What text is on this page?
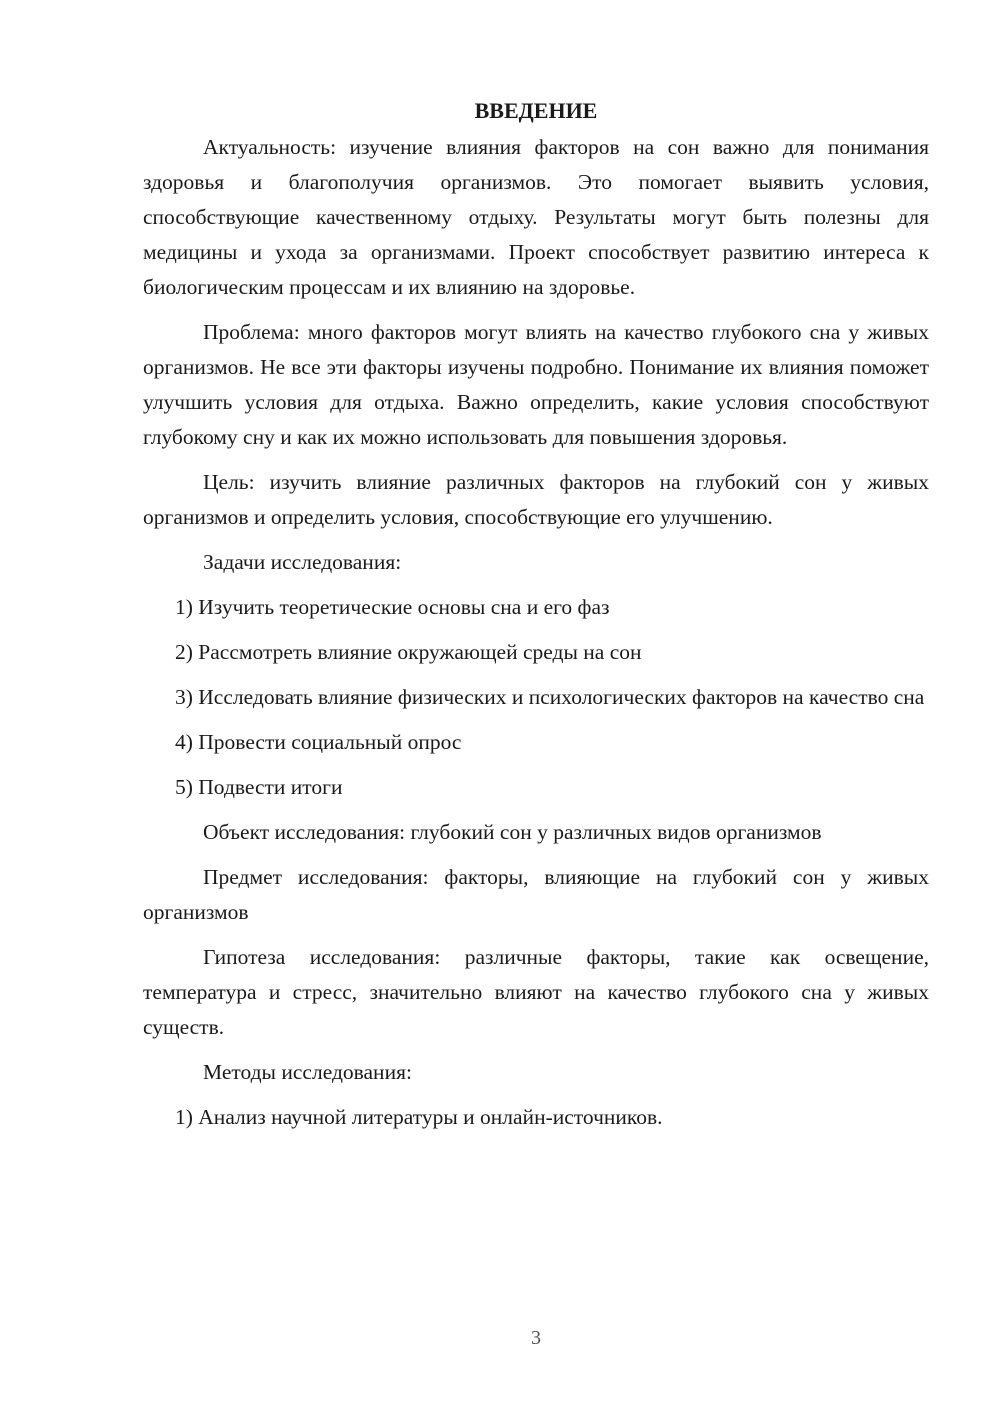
ВВЕДЕНИЕ

Актуальность: изучение влияния факторов на сон важно для понимания здоровья и благополучия организмов. Это помогает выявить условия, способствующие качественному отдыху. Результаты могут быть полезны для медицины и ухода за организмами. Проект способствует развитию интереса к биологическим процессам и их влиянию на здоровье.

Проблема: много факторов могут влиять на качество глубокого сна у живых организмов. Не все эти факторы изучены подробно. Понимание их влияния поможет улучшить условия для отдыха. Важно определить, какие условия способствуют глубокому сну и как их можно использовать для повышения здоровья.

Цель: изучить влияние различных факторов на глубокий сон у живых организмов и определить условия, способствующие его улучшению.

Задачи исследования:

1) Изучить теоретические основы сна и его фаз

2) Рассмотреть влияние окружающей среды на сон

3) Исследовать влияние физических и психологических факторов на качество сна

4) Провести социальный опрос

5) Подвести итоги

Объект исследования: глубокий сон у различных видов организмов

Предмет исследования: факторы, влияющие на глубокий сон у живых организмов

Гипотеза исследования: различные факторы, такие как освещение, температура и стресс, значительно влияют на качество глубокого сна у живых существ.

Методы исследования:

1) Анализ научной литературы и онлайн-источников.

3
